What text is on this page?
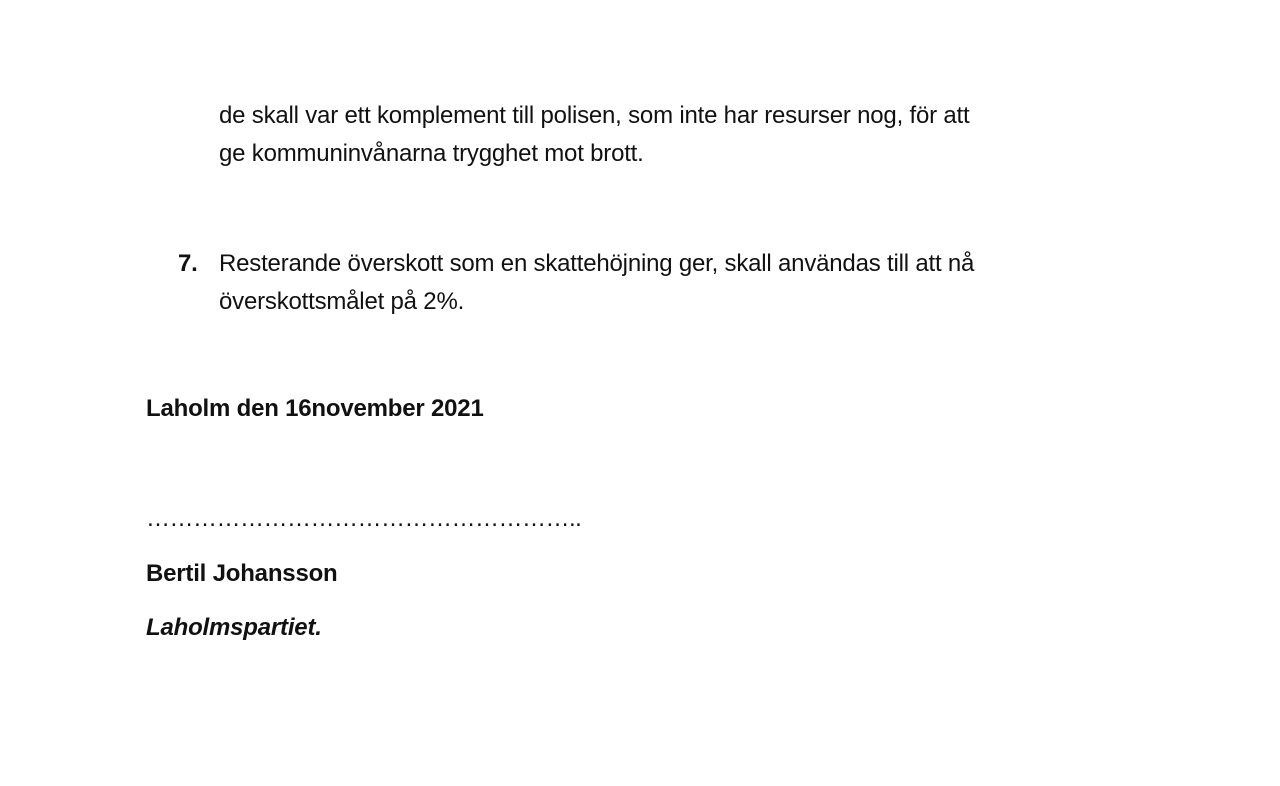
de skall var ett komplement till polisen, som inte har resurser nog, för att
ge kommuninvånarna trygghet mot brott.
7. Resterande överskott som en skattehöjning ger, skall användas till att nå
överskottsmålet på 2%.
Laholm den 16november 2021
………………………………………………..
Bertil Johansson
Laholmspartiet.
